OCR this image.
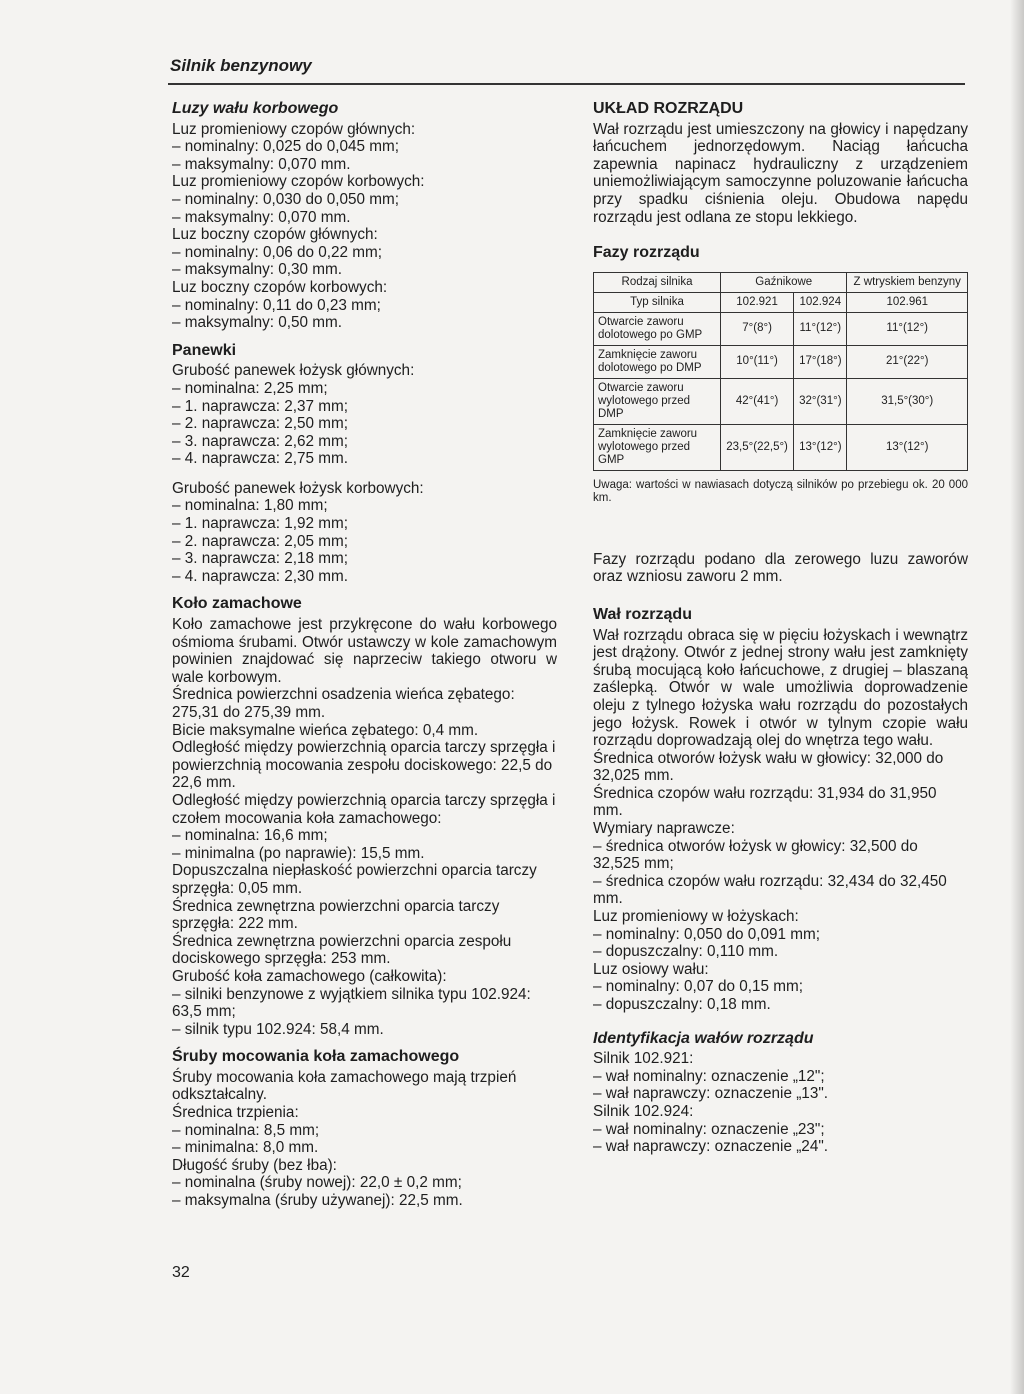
Silnik benzynowy

Luzy wału korbowego

Luz promieniowy czopów głównych:

– nominalny: 0,025 do 0,045 mm;

– maksymalny: 0,070 mm.

Luz promieniowy czopów korbowych:

– nominalny: 0,030 do 0,050 mm;

– maksymalny: 0,070 mm.

Luz boczny czopów głównych:

– nominalny: 0,06 do 0,22 mm;

– maksymalny: 0,30 mm.

Luz boczny czopów korbowych:

– nominalny: 0,11 do 0,23 mm;

– maksymalny: 0,50 mm.

Panewki

Grubość panewek łożysk głównych:

– nominalna: 2,25 mm;

– 1. naprawcza: 2,37 mm;

– 2. naprawcza: 2,50 mm;

– 3. naprawcza: 2,62 mm;

– 4. naprawcza: 2,75 mm.

Grubość panewek łożysk korbowych:

– nominalna: 1,80 mm;

– 1. naprawcza: 1,92 mm;

– 2. naprawcza: 2,05 mm;

– 3. naprawcza: 2,18 mm;

– 4. naprawcza: 2,30 mm.

Koło zamachowe

Koło zamachowe jest przykręcone do wału korbowego ośmioma śrubami. Otwór ustawczy w kole zamachowym powinien znajdować się naprzeciw takiego otworu w wale korbowym.

Średnica powierzchni osadzenia wieńca zębatego: 275,31 do 275,39 mm.

Bicie maksymalne wieńca zębatego: 0,4 mm.

Odległość między powierzchnią oparcia tarczy sprzęgła i powierzchnią mocowania zespołu dociskowego: 22,5 do 22,6 mm.

Odległość między powierzchnią oparcia tarczy sprzęgła i czołem mocowania koła zamachowego:

– nominalna: 16,6 mm;

– minimalna (po naprawie): 15,5 mm.

Dopuszczalna niepłaskość powierzchni oparcia tarczy sprzęgła: 0,05 mm.

Średnica zewnętrzna powierzchni oparcia tarczy sprzęgła: 222 mm.

Średnica zewnętrzna powierzchni oparcia zespołu dociskowego sprzęgła: 253 mm.

Grubość koła zamachowego (całkowita):

– silniki benzynowe z wyjątkiem silnika typu 102.924: 63,5 mm;

– silnik typu 102.924: 58,4 mm.

Śruby mocowania koła zamachowego

Śruby mocowania koła zamachowego mają trzpień odkształcalny.

Średnica trzpienia:

– nominalna: 8,5 mm;

– minimalna: 8,0 mm.

Długość śruby (bez łba):

– nominalna (śruby nowej): 22,0 ± 0,2 mm;

– maksymalna (śruby używanej): 22,5 mm.

32

UKŁAD ROZRZĄDU

Wał rozrządu jest umieszczony na głowicy i napędzany łańcuchem jednorzędowym. Naciąg łańcucha zapewnia napinacz hydrauliczny z urządzeniem uniemożliwiającym samoczynne poluzowanie łańcucha przy spadku ciśnienia oleju. Obudowa napędu rozrządu jest odlana ze stopu lekkiego.

Fazy rozrządu

Rodzaj silnika	Gaźnikowe		Z wtryskiem benzyny
Typ silnika	102.921	102.924	102.961
Otwarcie zaworu dolotowego po GMP	7°(8°)	11°(12°)	11°(12°)
Zamknięcie zaworu dolotowego po DMP	10°(11°)	17°(18°)	21°(22°)
Otwarcie zaworu wylotowego przed DMP	42°(41°)	32°(31°)	31,5°(30°)
Zamknięcie zaworu wylotowego przed GMP	23,5°(22,5°)	13°(12°)	13°(12°)

Uwaga: wartości w nawiasach dotyczą silników po przebiegu ok. 20 000 km.

Fazy rozrządu podano dla zerowego luzu zaworów oraz wzniosu zaworu 2 mm.

Wał rozrządu

Wał rozrządu obraca się w pięciu łożyskach i wewnątrz jest drążony. Otwór z jednej strony wału jest zamknięty śrubą mocującą koło łańcuchowe, z drugiej – blaszaną zaślepką. Otwór w wale umożliwia doprowadzenie oleju z tylnego łożyska wału rozrządu do pozostałych jego łożysk. Rowek i otwór w tylnym czopie wału rozrządu doprowadzają olej do wnętrza tego wału.

Średnica otworów łożysk wału w głowicy: 32,000 do 32,025 mm.

Średnica czopów wału rozrządu: 31,934 do 31,950 mm.

Wymiary naprawcze:

– średnica otworów łożysk w głowicy: 32,500 do 32,525 mm;

– średnica czopów wału rozrządu: 32,434 do 32,450 mm.

Luz promieniowy w łożyskach:

– nominalny: 0,050 do 0,091 mm;

– dopuszczalny: 0,110 mm.

Luz osiowy wału:

– nominalny: 0,07 do 0,15 mm;

– dopuszczalny: 0,18 mm.

Identyfikacja wałów rozrządu

Silnik 102.921:

– wał nominalny: oznaczenie „12";

– wał naprawczy: oznaczenie „13".

Silnik 102.924:

– wał nominalny: oznaczenie „23";

– wał naprawczy: oznaczenie „24".
